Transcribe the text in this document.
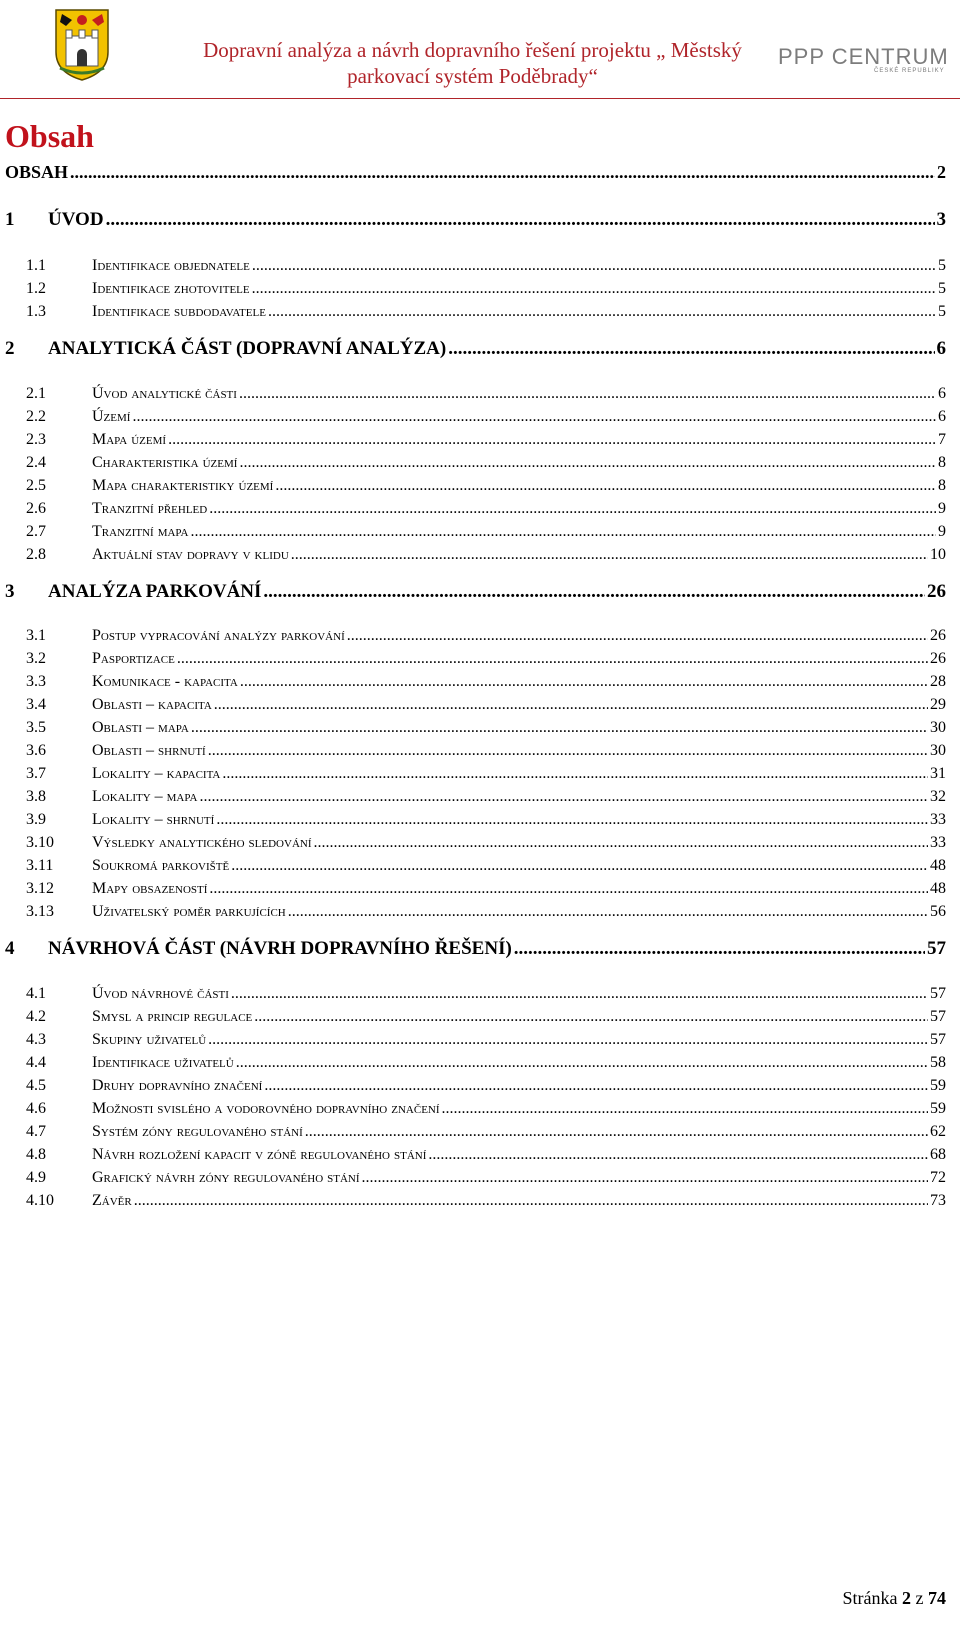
Dopravní analýza a návrh dopravního řešení projektu „ Městský
parkovací systém Poděbrady“
PPP CENTRUM
ČESKÉ REPUBLIKY
Obsah
OBSAH .....	2
1 ÚVOD .....	3
1.1	Identifikace objednatele .....	5
1.2	Identifikace zhotovitele .....	5
1.3	Identifikace subdodavatele .....	5
2 ANALYTICKÁ ČÁST (DOPRAVNÍ ANALÝZA) .....	6
2.1	Úvod analytické části .....	6
2.2	Území .....	6
2.3	Mapa území .....	7
2.4	Charakteristika území .....	8
2.5	Mapa charakteristiky území .....	8
2.6	Tranzitní přehled .....	9
2.7	Tranzitní mapa .....	9
2.8	Aktuální stav dopravy v klidu .....	10
3 ANALÝZA PARKOVÁNÍ .....	26
3.1	Postup vypracování analýzy parkování .....	26
3.2	Pasportizace .....	26
3.3	Komunikace - kapacita .....	28
3.4	Oblasti – kapacita .....	29
3.5	Oblasti – mapa .....	30
3.6	Oblasti – shrnutí .....	30
3.7	Lokality – kapacita .....	31
3.8	Lokality – mapa .....	32
3.9	Lokality – shrnutí .....	33
3.10 Výsledky analytického sledování .....	33
3.11 Soukromá parkoviště .....	48
3.12 Mapy obsazeností .....	48
3.13 Uživatelský poměr parkujících .....	56
4 NÁVRHOVÁ ČÁST (NÁVRH DOPRAVNÍHO ŘEŠENÍ) .....	57
4.1	Úvod návrhové části .....	57
4.2	Smysl a princip regulace .....	57
4.3	Skupiny uživatelů .....	57
4.4	Identifikace uživatelů .....	58
4.5	Druhy dopravního značení .....	59
4.6	Možnosti svislého a vodorovného dopravního značení .....	59
4.7	Systém zóny regulovaného stání .....	62
4.8	Návrh rozložení kapacit v zóně regulovaného stání .....	68
4.9	Grafický návrh zóny regulovaného stání .....	72
4.10 Závěr .....	73
Stránka 2 z 74
